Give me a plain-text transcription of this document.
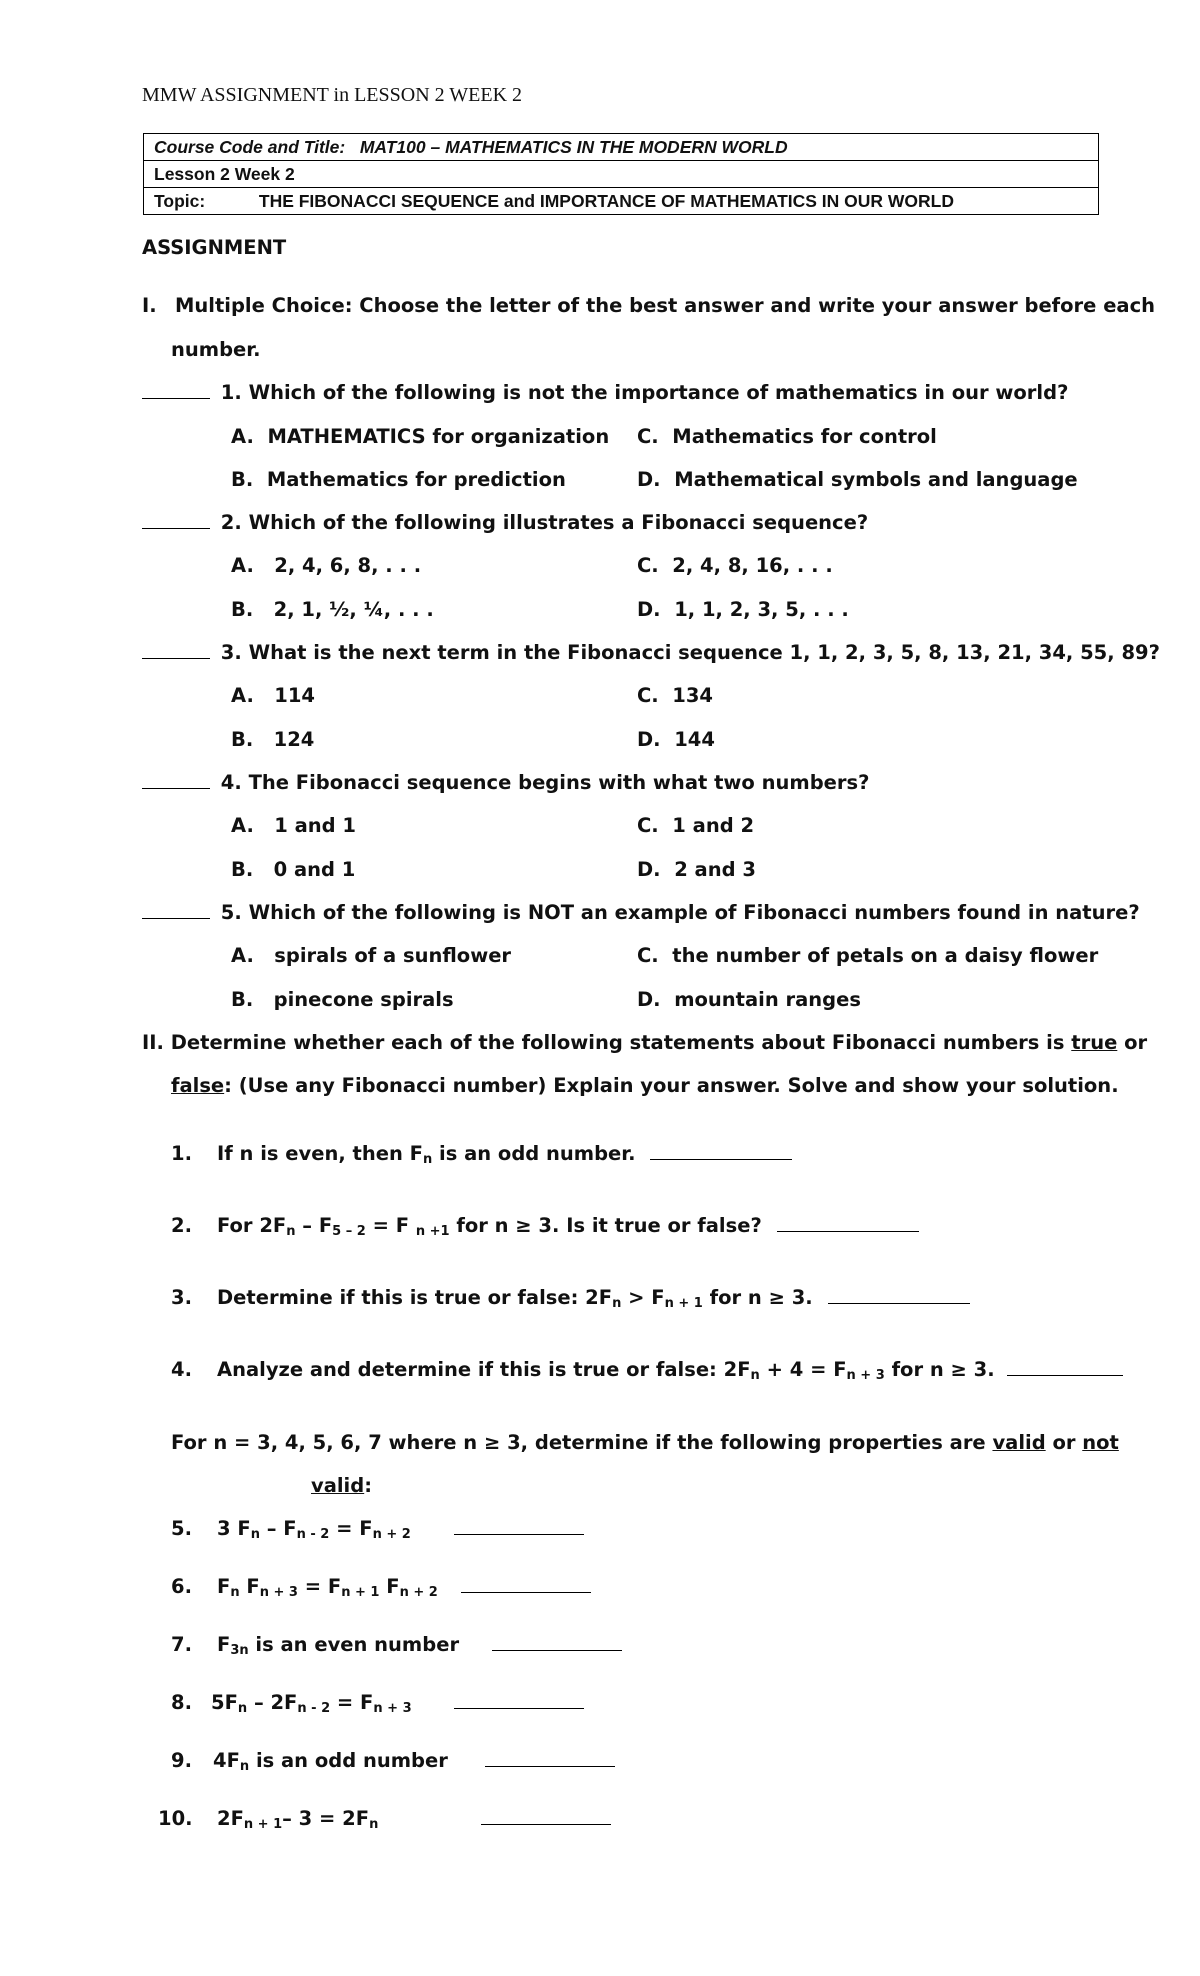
MMW ASSIGNMENT in LESSON 2 WEEK 2
Course Code and Title: MAT100 – MATHEMATICS IN THE MODERN WORLD
Lesson 2 Week 2
Topic:	THE FIBONACCI SEQUENCE and IMPORTANCE OF MATHEMATICS IN OUR WORLD
ASSIGNMENT
I. Multiple Choice: Choose the letter of the best answer and write your answer before each
number.
1. Which of the following is not the importance of mathematics in our world?
A. MATHEMATICS for organization C. Mathematics for control
B. Mathematics for prediction	D. Mathematical symbols and language
2. Which of the following illustrates a Fibonacci sequence?
A. 2, 4, 6, 8, . . .	C. 2, 4, 8, 16, . . .
B. 2, 1, ½, ¼, . . .	D. 1, 1, 2, 3, 5, . . .
3. What is the next term in the Fibonacci sequence 1, 1, 2, 3, 5, 8, 13, 21, 34, 55, 89?
A. 114	C. 134
B. 124	D. 144
4. The Fibonacci sequence begins with what two numbers?
A. 1 and 1	C. 1 and 2
B. 0 and 1	D. 2 and 3
5. Which of the following is NOT an example of Fibonacci numbers found in nature?
A. spirals of a sunflower	C. the number of petals on a daisy flower
B. pinecone spirals	D. mountain ranges
II. Determine whether each of the following statements about Fibonacci numbers is true or
false: (Use any Fibonacci number) Explain your answer. Solve and show your solution.
1. If n is even, then $F_n$ is an odd number.
2. For $2F_n - F_{5 - 2} = F$ $_{n +1}$ for n ≥ 3. Is it true or false?
3. Determine if this is true or false: $2F_n > F_{n + 1}$ for n ≥ 3.
4. Analyze and determine if this is true or false: $2F_n + 4 = F_{n + 3}$ for n ≥ 3.
For n = 3, 4, 5, 6, 7 where n ≥ 3, determine if the following properties are valid or not
valid:
5. 3 $F_n - F_{n - 2} = F_{n + 2}$
6. $F_n$ $F_{n + 3} = F_{n + 1}$ $F_{n + 2}$
7. $F_{3n}$ is an even number
8. $5F_n - 2F_{n - 2} = F_{n + 3}$
9. $4F_n$ is an odd number
10. $2F_{n + 1}-$ $3 = 2F_n$
